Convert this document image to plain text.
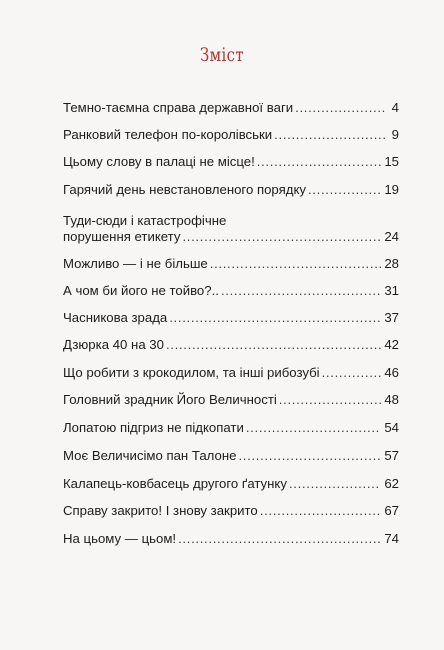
Зміст
Темно-таємна справа державної ваги . . .	4
Ранковий телефон по-королівськи . . .	9
Цьому слову в палаці не місце! . . .	15
Гарячий день невстановленого порядку . . .	19
Туди-сюди і катастрофічне
порушення етикету . . .	24
Можливо — і не більше . . .	28
А чом би його не тойво?.. . . .	31
Часникова зрада . . .	37
Дзюрка 40 на 30 . . .	42
Що робити з крокодилом, та інші рибозубі . . .	46
Головний зрадник Його Величності . . .	48
Лопатою підгриз не підкопати . . .	54
Моє Величисімо пан Талоне . . .	57
Калапець-ковбасець другого ґатунку . . .	62
Справу закрито! І знову закрито . . .	67
На цьому — цьом! . . .	74
